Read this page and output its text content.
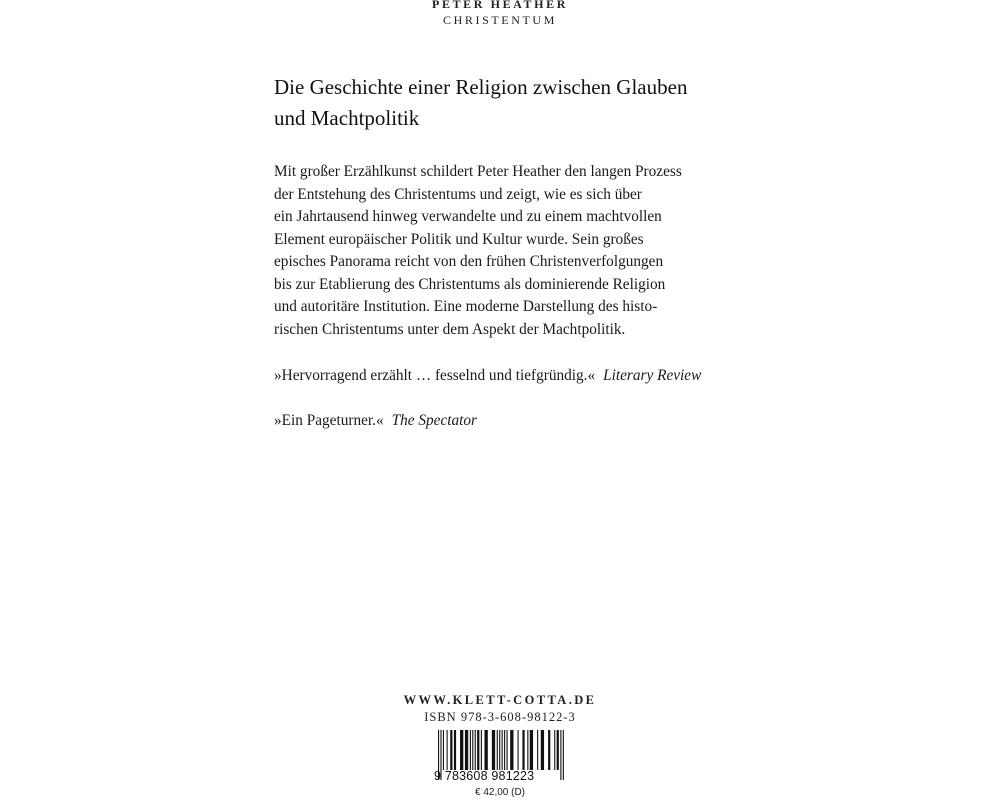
PETER HEATHER
CHRISTENTUM
Die Geschichte einer Religion zwischen Glauben
und Machtpolitik
Mit großer Erzählkunst schildert Peter Heather den langen Prozess
der Entstehung des Christentums und zeigt, wie es sich über
ein Jahrtausend hinweg verwandelte und zu einem machtvollen
Element europäischer Politik und Kultur wurde. Sein großes
episches Panorama reicht von den frühen Christenverfolgungen
bis zur Etablierung des Christentums als dominierende Religion
und autoritäre Institution. Eine moderne Darstellung des histo-
rischen Christentums unter dem Aspekt der Machtpolitik.
»Hervorragend erzählt … fesselnd und tiefgründig.« Literary Review
»Ein Pageturner.« The Spectator
WWW.KLETT-COTTA.DE
ISBN 978-3-608-98122-3
9 783608 981223
€ 42,00 (D)
